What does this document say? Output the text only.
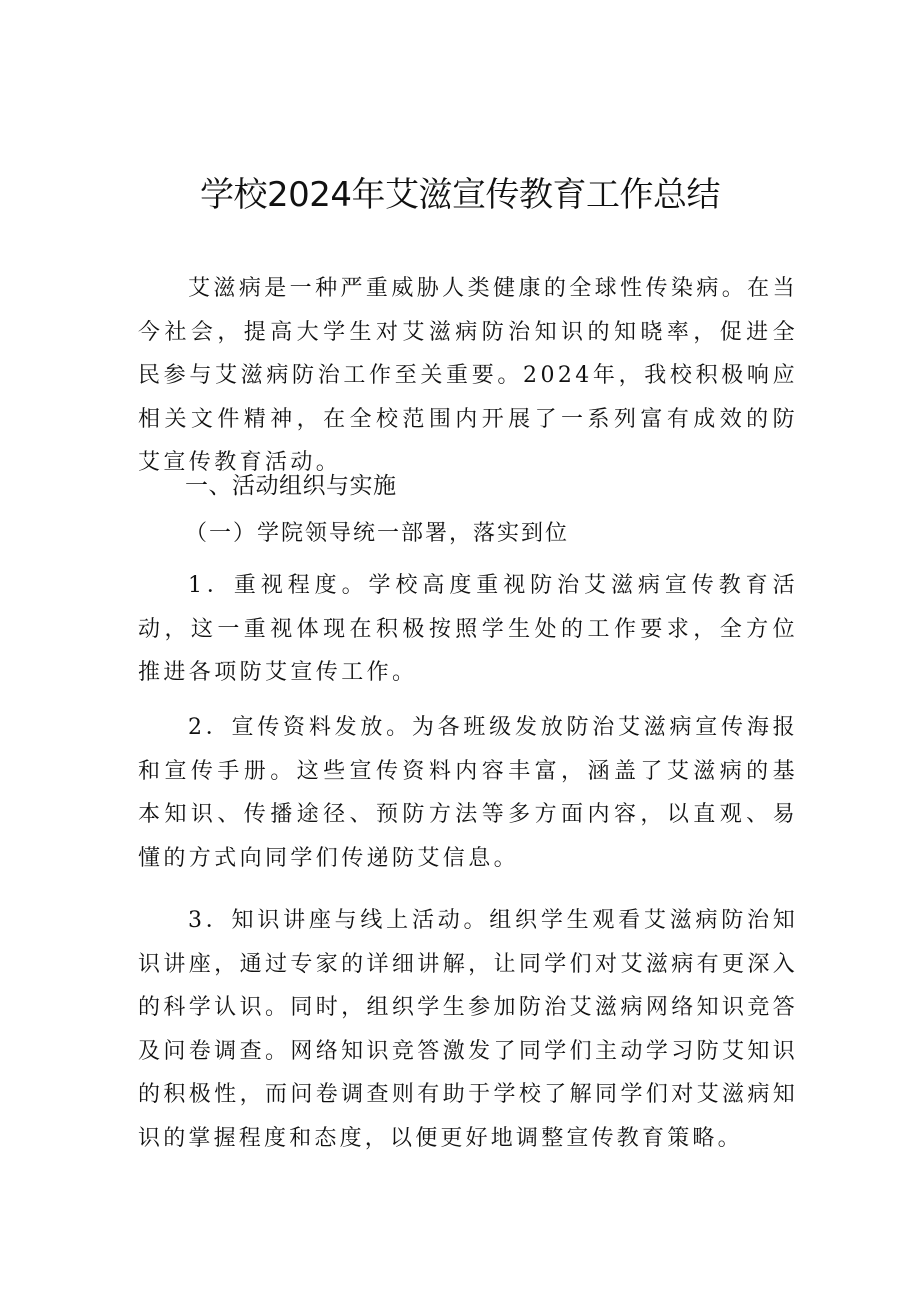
学校2024年艾滋宣传教育工作总结
艾滋病是一种严重威胁人类健康的全球性传染病。在当今社会，提高大学生对艾滋病防治知识的知晓率，促进全民参与艾滋病防治工作至关重要。2024年，我校积极响应相关文件精神，在全校范围内开展了一系列富有成效的防艾宣传教育活动。
一、活动组织与实施
（一）学院领导统一部署，落实到位
1．重视程度。学校高度重视防治艾滋病宣传教育活动，这一重视体现在积极按照学生处的工作要求，全方位推进各项防艾宣传工作。
2．宣传资料发放。为各班级发放防治艾滋病宣传海报和宣传手册。这些宣传资料内容丰富，涵盖了艾滋病的基本知识、传播途径、预防方法等多方面内容，以直观、易懂的方式向同学们传递防艾信息。
3．知识讲座与线上活动。组织学生观看艾滋病防治知识讲座，通过专家的详细讲解，让同学们对艾滋病有更深入的科学认识。同时，组织学生参加防治艾滋病网络知识竞答及问卷调查。网络知识竞答激发了同学们主动学习防艾知识的积极性，而问卷调查则有助于学校了解同学们对艾滋病知识的掌握程度和态度，以便更好地调整宣传教育策略。
